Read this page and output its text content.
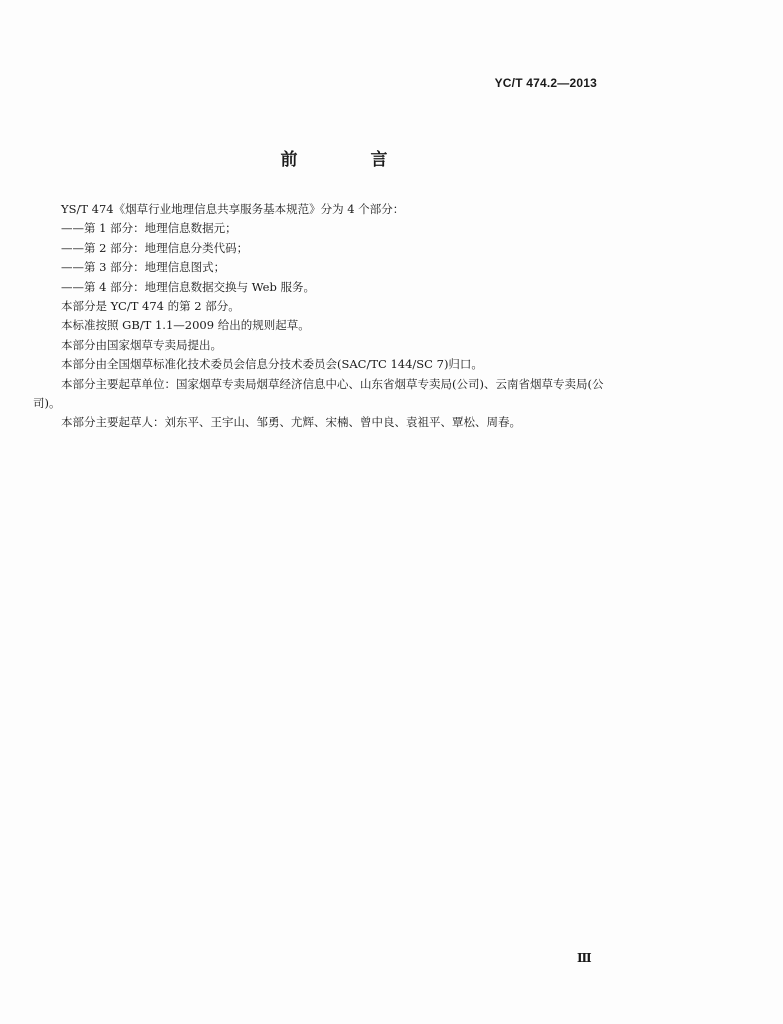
YC/T 474.2—2013
前　言

YS/T 474《烟草行业地理信息共享服务基本规范》分为 4 个部分：

——第 1 部分：地理信息数据元；

——第 2 部分：地理信息分类代码；

——第 3 部分：地理信息图式；

——第 4 部分：地理信息数据交换与 Web 服务。

本部分是 YC/T 474 的第 2 部分。

本标准按照 GB/T 1.1—2009 给出的规则起草。

本部分由国家烟草专卖局提出。

本部分由全国烟草标准化技术委员会信息分技术委员会(SAC/TC 144/SC 7)归口。

本部分主要起草单位：国家烟草专卖局烟草经济信息中心、山东省烟草专卖局(公司)、云南省烟草专卖局(公司)。

本部分主要起草人：刘东平、王宇山、邹勇、尤辉、宋楠、曾中良、袁祖平、覃松、周春。

Ⅲ
